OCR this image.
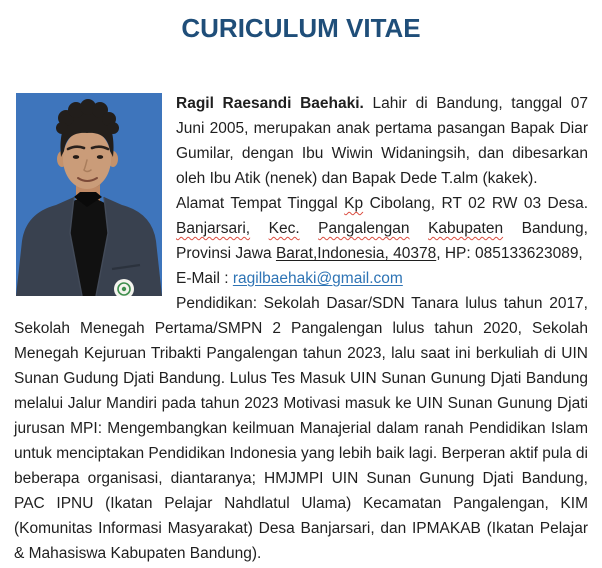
CURICULUM VITAE

Ragil Raesandi Baehaki. Lahir di Bandung, tanggal 07 Juni 2005, merupakan anak pertama pasangan Bapak Diar Gumilar, dengan Ibu Wiwin Widaningsih, dan dibesarkan oleh Ibu Atik (nenek) dan Bapak Dede T.alm (kakek).
Alamat Tempat Tinggal Kp Cibolang, RT 02 RW 03 Desa. Banjarsari, Kec. Pangalengan Kabupaten Bandung, Provinsi Jawa Barat,Indonesia, 40378, HP: 085133623089,
E-Mail : ragilbaehaki@gmail.com
Pendidikan: Sekolah Dasar/SDN Tanara lulus tahun 2017, Sekolah Menegah Pertama/SMPN 2 Pangalengan lulus tahun 2020, Sekolah Menegah Kejuruan Tribakti Pangalengan tahun 2023, lalu saat ini berkuliah di UIN Sunan Gudung Djati Bandung. Lulus Tes Masuk UIN Sunan Gunung Djati Bandung melalui Jalur Mandiri pada tahun 2023 Motivasi masuk ke UIN Sunan Gunung Djati jurusan MPI: Mengembangkan keilmuan Manajerial dalam ranah Pendidikan Islam untuk menciptakan Pendidikan Indonesia yang lebih baik lagi. Berperan aktif pula di beberapa organisasi, diantaranya; HMJMPI UIN Sunan Gunung Djati Bandung, PAC IPNU (Ikatan Pelajar Nahdlatul Ulama) Kecamatan Pangalengan, KIM (Komunitas Informasi Masyarakat) Desa Banjarsari, dan IPMAKAB (Ikatan Pelajar & Mahasiswa Kabupaten Bandung).
